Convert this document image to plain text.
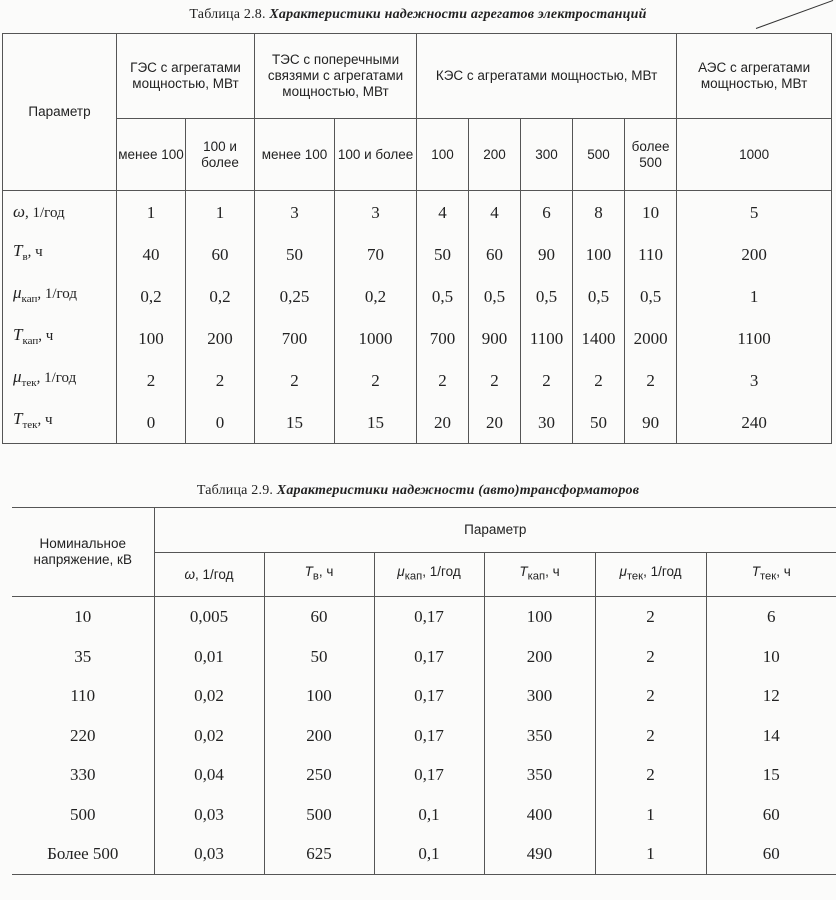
Таблица 2.8. Характеристики надежности агрегатов электростанций
Параметр	ГЭС с агрегатами мощностью, МВт		ТЭС с поперечными связями с агрегатами мощностью, МВт		КЭС с агрегатами мощностью, МВт					АЭС с агрегатами мощностью, МВт
	менее 100	100 и более	менее 100	100 и более	100	200	300	500	более 500	1000
ω, 1/год	1	1	3	3	4	4	6	8	10	5
$T_в$, ч	40	60	50	70	50	60	90	100	110	200
$\mu_{кап}$, 1/год	0,2	0,2	0,25	0,2	0,5	0,5	0,5	0,5	0,5	1
$T_{кап}$, ч	100	200	700	1000	700	900	1100	1400	2000	1100
$\mu_{тек}$, 1/год	2	2	2	2	2	2	2	2	2	3
$T_{тек}$, ч	0	0	15	15	20	20	30	50	90	240
Таблица 2.9. Характеристики надежности (авто)трансформаторов
Номинальное напряжение, кВ	Параметр					
	ω, 1/год	$T_в$, ч	$\mu_{кап}$, 1/год	$T_{кап}$, ч	$\mu_{тек}$, 1/год	$T_{тек}$, ч
10	0,005	60	0,17	100	2	6
35	0,01	50	0,17	200	2	10
110	0,02	100	0,17	300	2	12
220	0,02	200	0,17	350	2	14
330	0,04	250	0,17	350	2	15
500	0,03	500	0,1	400	1	60
Более 500	0,03	625	0,1	490	1	60
